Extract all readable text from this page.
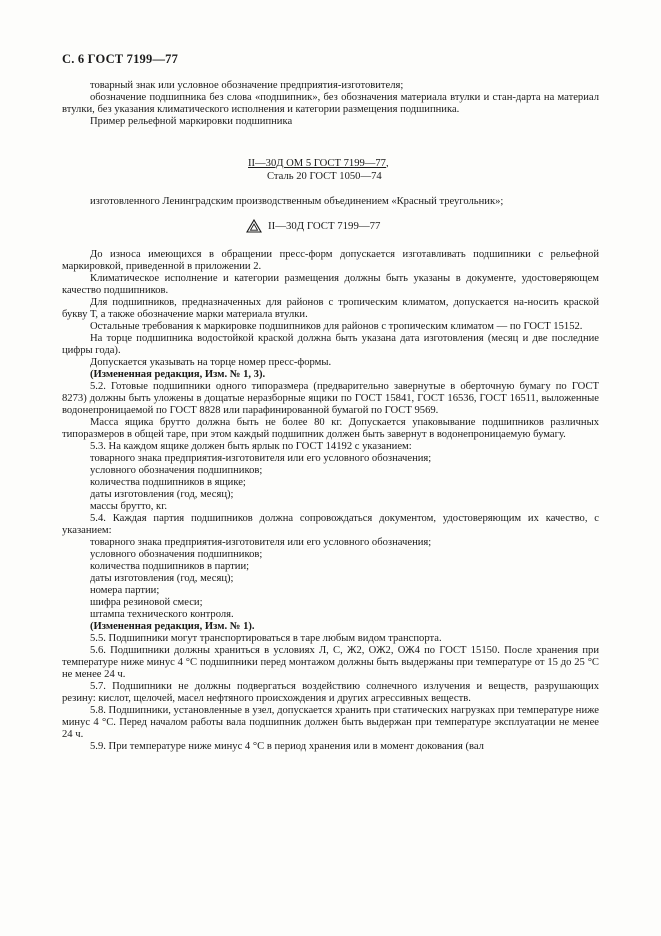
С. 6 ГОСТ 7199—77

товарный знак или условное обозначение предприятия-изготовителя;

обозначение подшипника без слова «подшипник», без обозначения материала втулки и стан-дарта на материал втулки, без указания климатического исполнения и категории размещения подшипника.

Пример рельефной маркировки подшипника

II—30Д ОМ 5 ГОСТ 7199—77,
Сталь 20 ГОСТ 1050—74

изготовленного Ленинградским производственным объединением «Красный треугольник»;

II—30Д ГОСТ 7199—77

До износа имеющихся в обращении пресс-форм допускается изготавливать подшипники с рельефной маркировкой, приведенной в приложении 2.

Климатическое исполнение и категории размещения должны быть указаны в документе, удостоверяющем качество подшипников.

Для подшипников, предназначенных для районов с тропическим климатом, допускается на-носить краской букву Т, а также обозначение марки материала втулки.

Остальные требования к маркировке подшипников для районов с тропическим климатом — по ГОСТ 15152.

На торце подшипника водостойкой краской должна быть указана дата изготовления (месяц и две последние цифры года).

Допускается указывать на торце номер пресс-формы.

(Измененная редакция, Изм. № 1, 3).

5.2. Готовые подшипники одного типоразмера (предварительно завернутые в оберточную бумагу по ГОСТ 8273) должны быть уложены в дощатые неразборные ящики по ГОСТ 15841, ГОСТ 16536, ГОСТ 16511, выложенные водонепроницаемой по ГОСТ 8828 или парафинированной бумагой по ГОСТ 9569.

Масса ящика брутто должна быть не более 80 кг. Допускается упаковывание подшипников различных типоразмеров в общей таре, при этом каждый подшипник должен быть завернут в водонепроницаемую бумагу.

5.3. На каждом ящике должен быть ярлык по ГОСТ 14192 с указанием:

товарного знака предприятия-изготовителя или его условного обозначения;

условного обозначения подшипников;

количества подшипников в ящике;

даты изготовления (год, месяц);

массы брутто, кг.

5.4. Каждая партия подшипников должна сопровождаться документом, удостоверяющим их качество, с указанием:

товарного знака предприятия-изготовителя или его условного обозначения;

условного обозначения подшипников;

количества подшипников в партии;

даты изготовления (год, месяц);

номера партии;

шифра резиновой смеси;

штампа технического контроля.

(Измененная редакция, Изм. № 1).

5.5. Подшипники могут транспортироваться в таре любым видом транспорта.

5.6. Подшипники должны храниться в условиях Л, С, Ж2, ОЖ2, ОЖ4 по ГОСТ 15150. После хранения при температуре ниже минус 4 °С подшипники перед монтажом должны быть выдержаны при температуре от 15 до 25 °С не менее 24 ч.

5.7. Подшипники не должны подвергаться воздействию солнечного излучения и веществ, разрушающих резину: кислот, щелочей, масел нефтяного происхождения и других агрессивных веществ.

5.8. Подшипники, установленные в узел, допускается хранить при статических нагрузках при температуре ниже минус 4 °С. Перед началом работы вала подшипник должен быть выдержан при температуре эксплуатации не менее 24 ч.

5.9. При температуре ниже минус 4 °С в период хранения или в момент докования (вал
